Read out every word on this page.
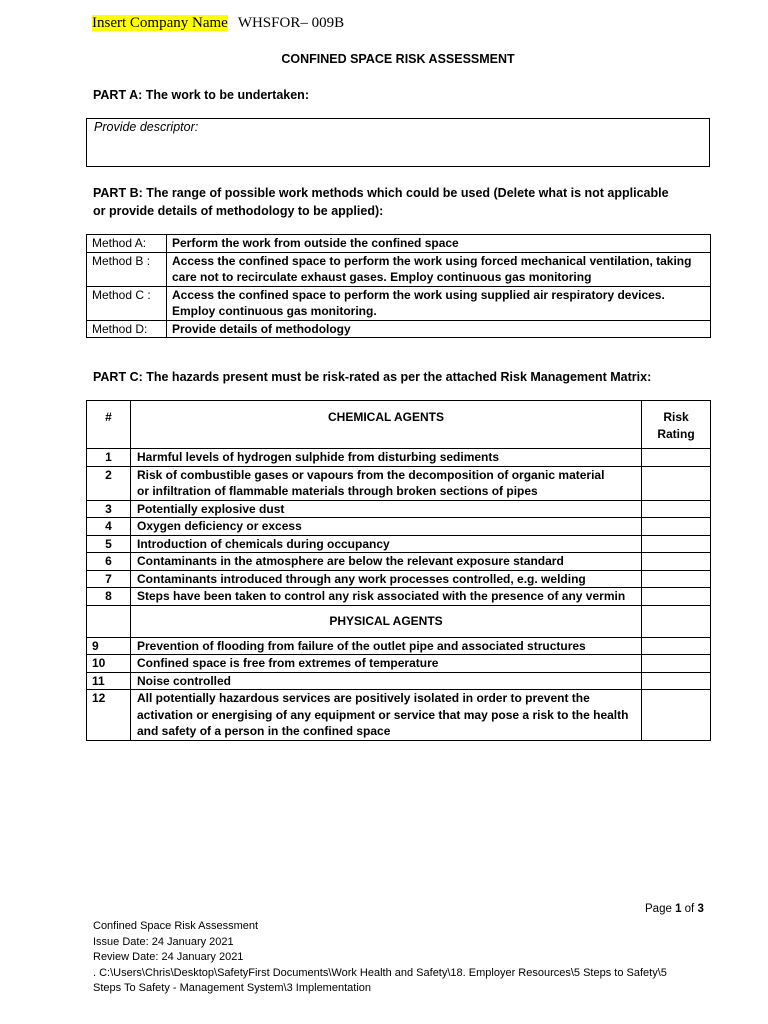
Insert Company Name WHSFOR– 009B
CONFINED SPACE RISK ASSESSMENT
PART A: The work to be undertaken:
Provide descriptor:
PART B: The range of possible work methods which could be used (Delete what is not applicable or provide details of methodology to be applied):
Method A:	Perform the work from outside the confined space
Method B :	Access the confined space to perform the work using forced mechanical ventilation, taking care not to recirculate exhaust gases. Employ continuous gas monitoring
Method C :	Access the confined space to perform the work using supplied air respiratory devices. Employ continuous gas monitoring.
Method D:	Provide details of methodology
PART C: The hazards present must be risk-rated as per the attached Risk Management Matrix:
#	CHEMICAL AGENTS	Risk
Rating
1	Harmful levels of hydrogen sulphide from disturbing sediments	
2	Risk of combustible gases or vapours from the decomposition of organic material
or infiltration of flammable materials through broken sections of pipes	
3	Potentially explosive dust	
4	Oxygen deficiency or excess	
5	Introduction of chemicals during occupancy	
6	Contaminants in the atmosphere are below the relevant exposure standard	
7	Contaminants introduced through any work processes controlled, e.g. welding	
8	Steps have been taken to control any risk associated with the presence of any vermin	
	PHYSICAL AGENTS	
9	Prevention of flooding from failure of the outlet pipe and associated structures	
10	Confined space is free from extremes of temperature	
11	Noise controlled	
12	All potentially hazardous services are positively isolated in order to prevent the activation or energising of any equipment or service that may pose a risk to the health and safety of a person in the confined space	
Page 1 of 3
Confined Space Risk Assessment
Issue Date: 24 January 2021
Review Date: 24 January 2021
. C:\Users\Chris\Desktop\SafetyFirst Documents\Work Health and Safety\18. Employer Resources\5 Steps to Safety\5 Steps To Safety - Management System\3 Implementation
